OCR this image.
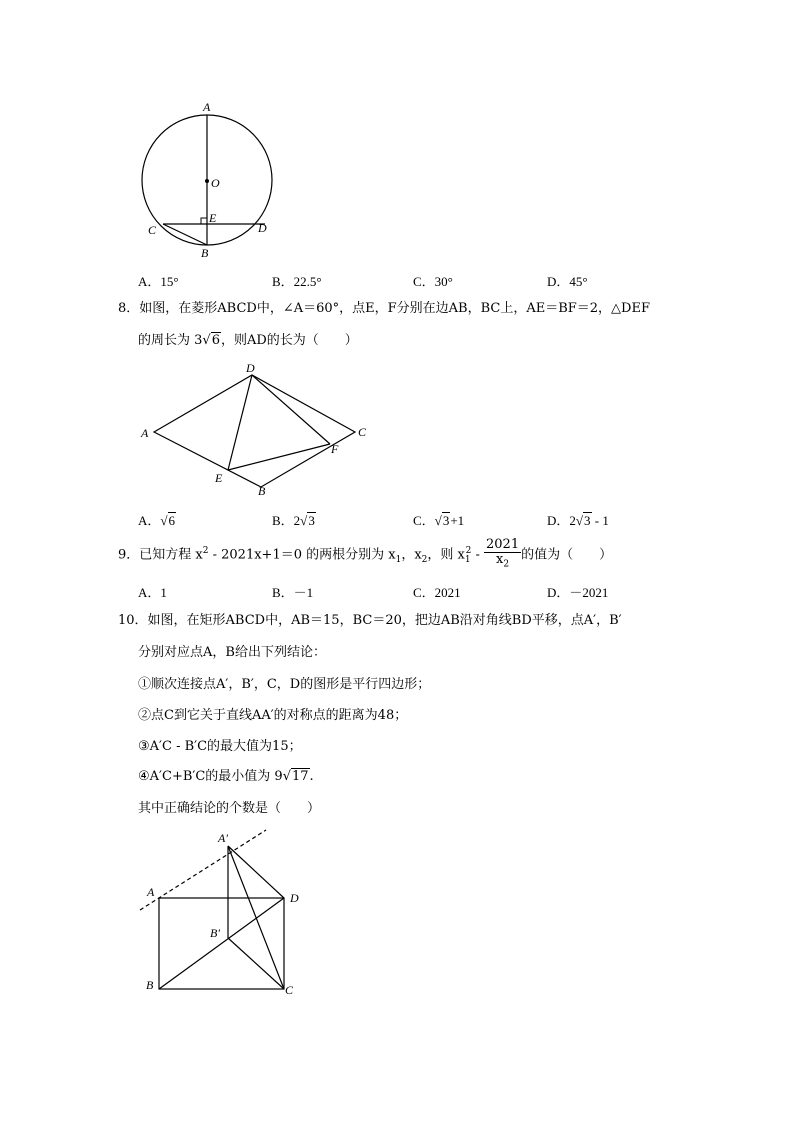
A
O
E
C	D
B
A．15°	B．22.5°	C．30°	D．45°
8．如图，在菱形ABCD中，∠A＝60°，点E，F分别在边AB，BC上，AE＝BF＝2，△DEF
的周长为 3√6，则AD的长为（　　）
A
D
C
F
E
B
A．√6	B．2√3	C．√3+1	D．2√3 - 1
9．已知方程 $x^2 - 2021x+1=0$ 的两根分别为 $x_1$，$x_2$，则 $x_1^2 - \frac{2021}{x_2}$ 的值为（　　）
A．1	B．－1	C．2021	D．－2021
10．如图，在矩形ABCD中，AB＝15，BC＝20，把边AB沿对角线BD平移，点A′，B′
分别对应点A，B给出下列结论：
①顺次连接点A′，B′，C，D的图形是平行四边形；
②点C到它关于直线AA′的对称点的距离为48；
③A′C - B′C的最大值为15；
④A′C+B′C的最小值为 9√17.
其中正确结论的个数是（　　）
A′
A	D
B′
B	C
